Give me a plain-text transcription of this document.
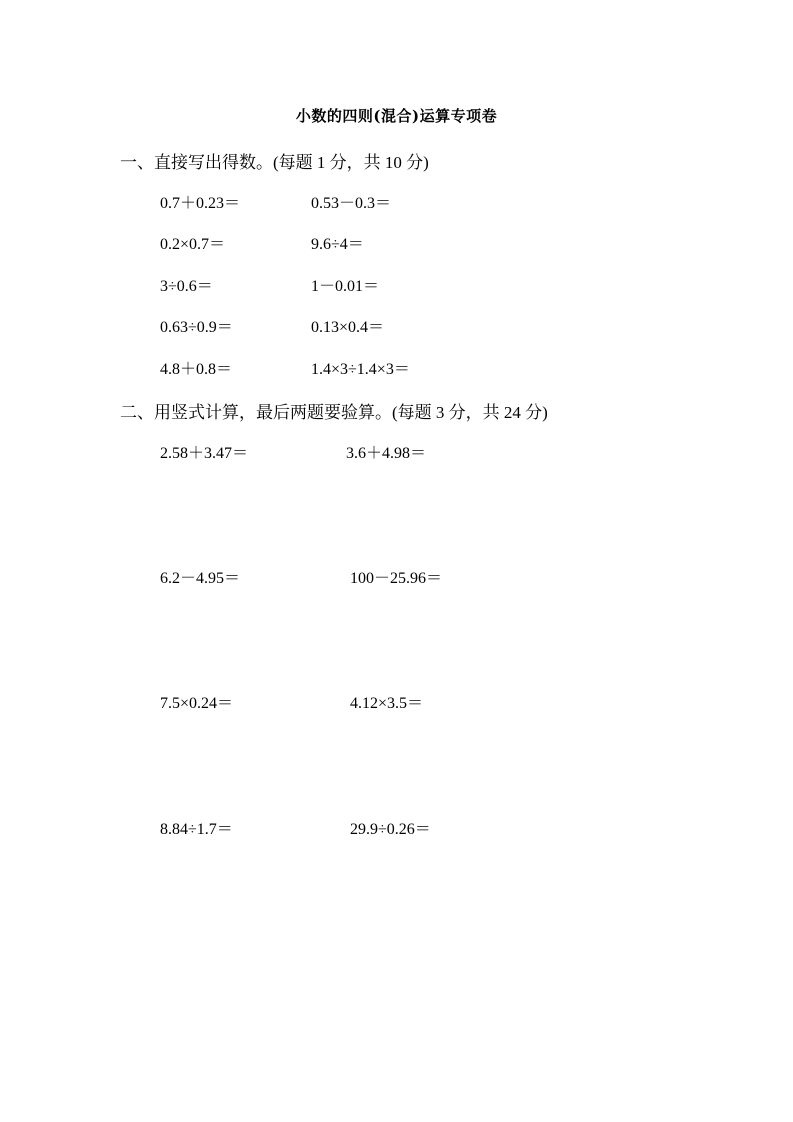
小数的四则(混合)运算专项卷
一、直接写出得数。(每题 1 分，共 10 分)
0.7＋0.23＝	0.53－0.3＝
0.2×0.7＝	9.6÷4＝
3÷0.6＝	1－0.01＝
0.63÷0.9＝	0.13×0.4＝
4.8＋0.8＝	1.4×3÷1.4×3＝
二、用竖式计算，最后两题要验算。(每题 3 分，共 24 分)
2.58＋3.47＝	3.6＋4.98＝
6.2－4.95＝	100－25.96＝
7.5×0.24＝	4.12×3.5＝
8.84÷1.7＝	29.9÷0.26＝
